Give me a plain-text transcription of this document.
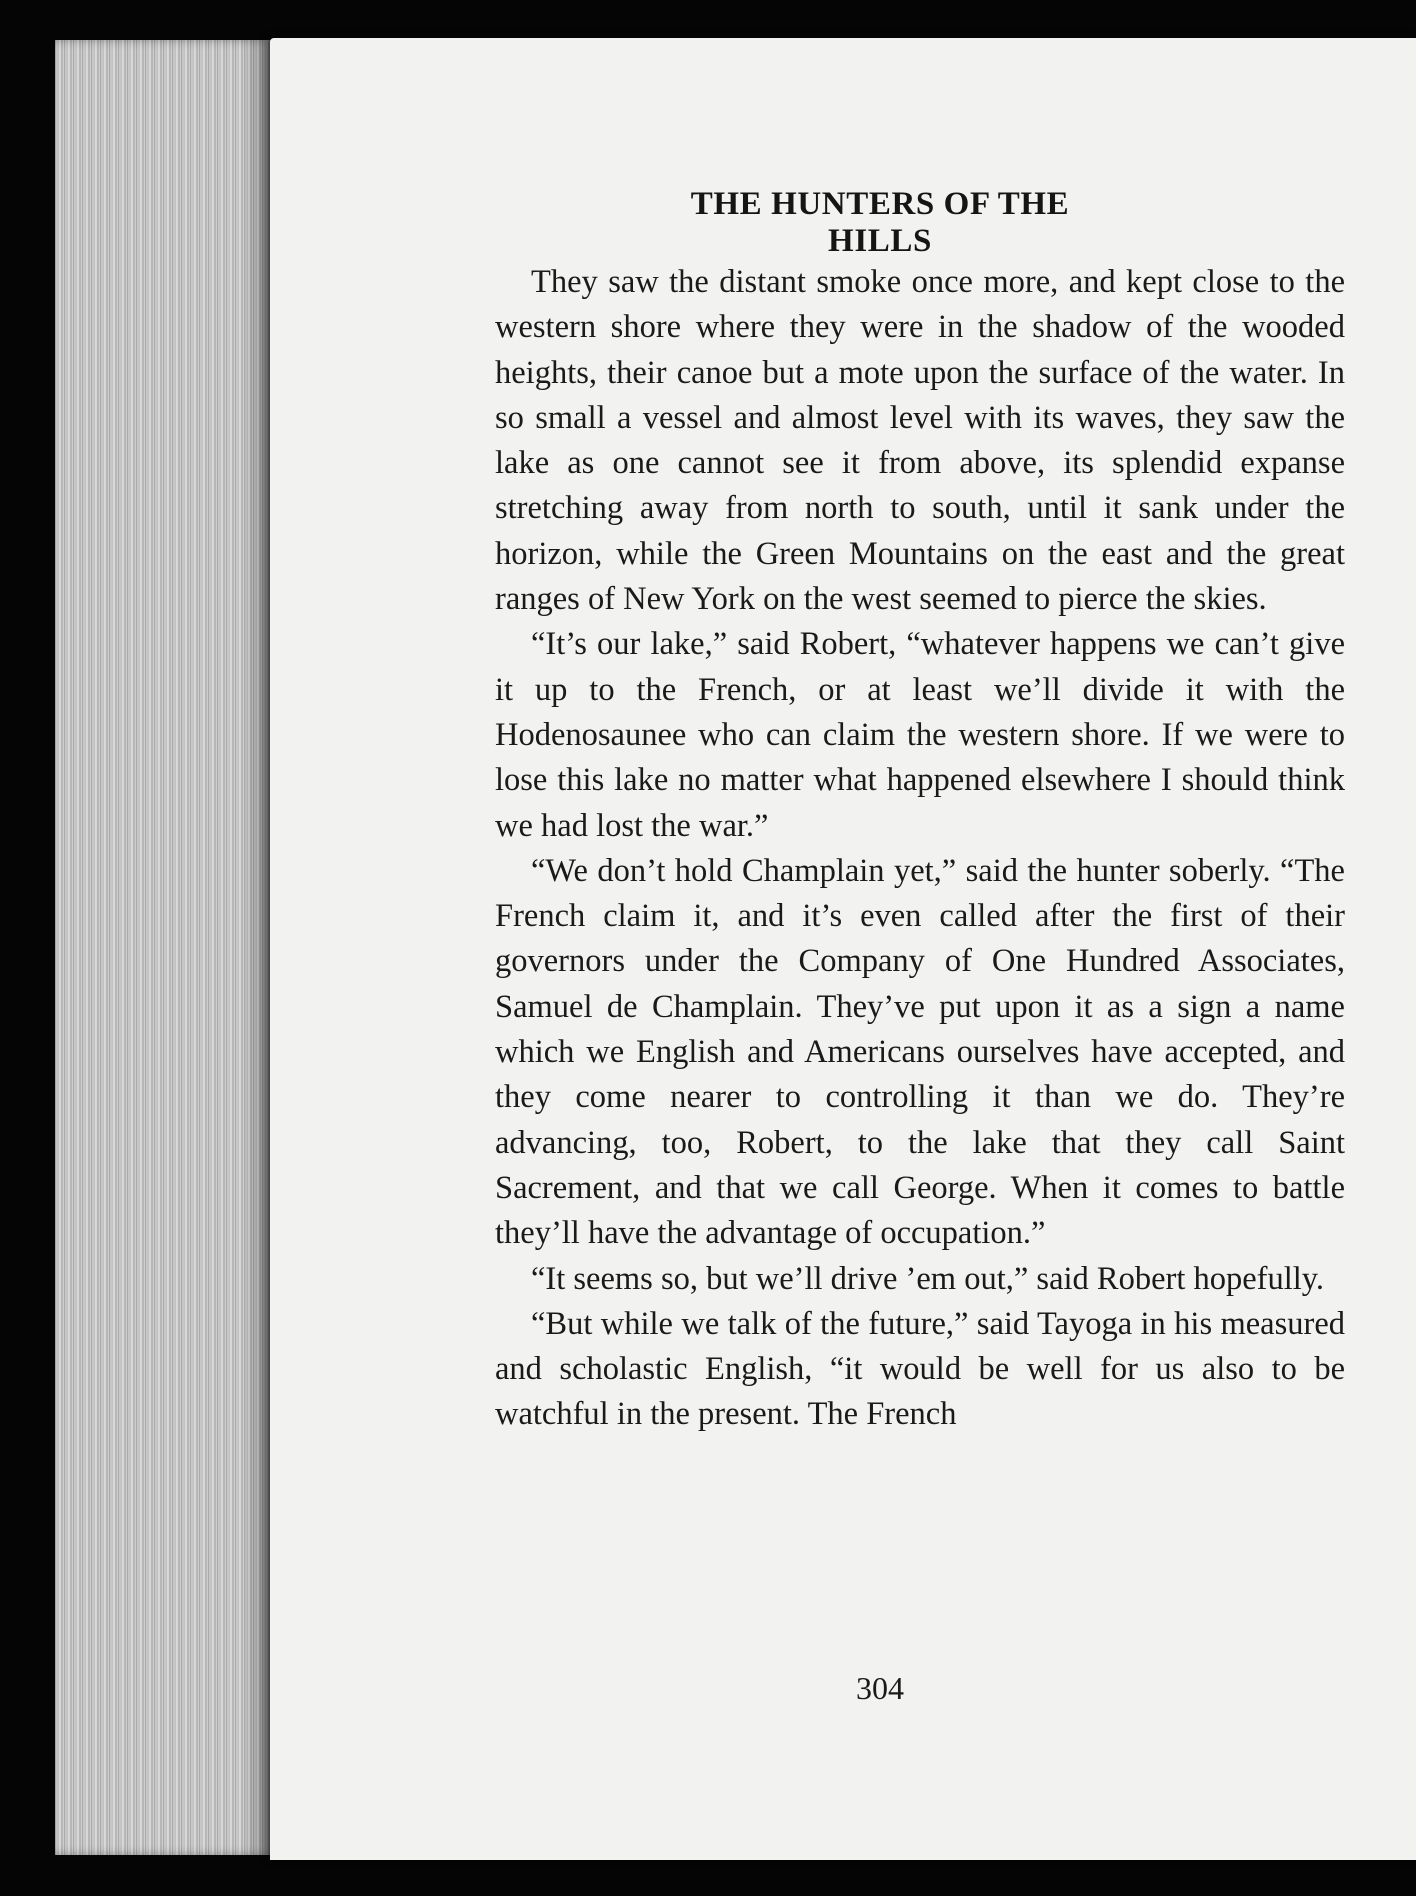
THE HUNTERS OF THE HILLS

They saw the distant smoke once more, and kept close to the western shore where they were in the shadow of the wooded heights, their canoe but a mote upon the surface of the water. In so small a vessel and almost level with its waves, they saw the lake as one cannot see it from above, its splendid expanse stretching away from north to south, until it sank under the horizon, while the Green Mountains on the east and the great ranges of New York on the west seemed to pierce the skies.

“It’s our lake,” said Robert, “whatever happens we can’t give it up to the French, or at least we’ll divide it with the Hodenosaunee who can claim the western shore. If we were to lose this lake no matter what happened elsewhere I should think we had lost the war.”

“We don’t hold Champlain yet,” said the hunter soberly. “The French claim it, and it’s even called after the first of their governors under the Company of One Hundred Associates, Samuel de Champlain. They’ve put upon it as a sign a name which we English and Americans ourselves have accepted, and they come nearer to controlling it than we do. They’re advancing, too, Robert, to the lake that they call Saint Sacrement, and that we call George. When it comes to battle they’ll have the advantage of occupation.”

“It seems so, but we’ll drive ’em out,” said Robert hopefully.

“But while we talk of the future,” said Tayoga in his measured and scholastic English, “it would be well for us also to be watchful in the present. The French

304
